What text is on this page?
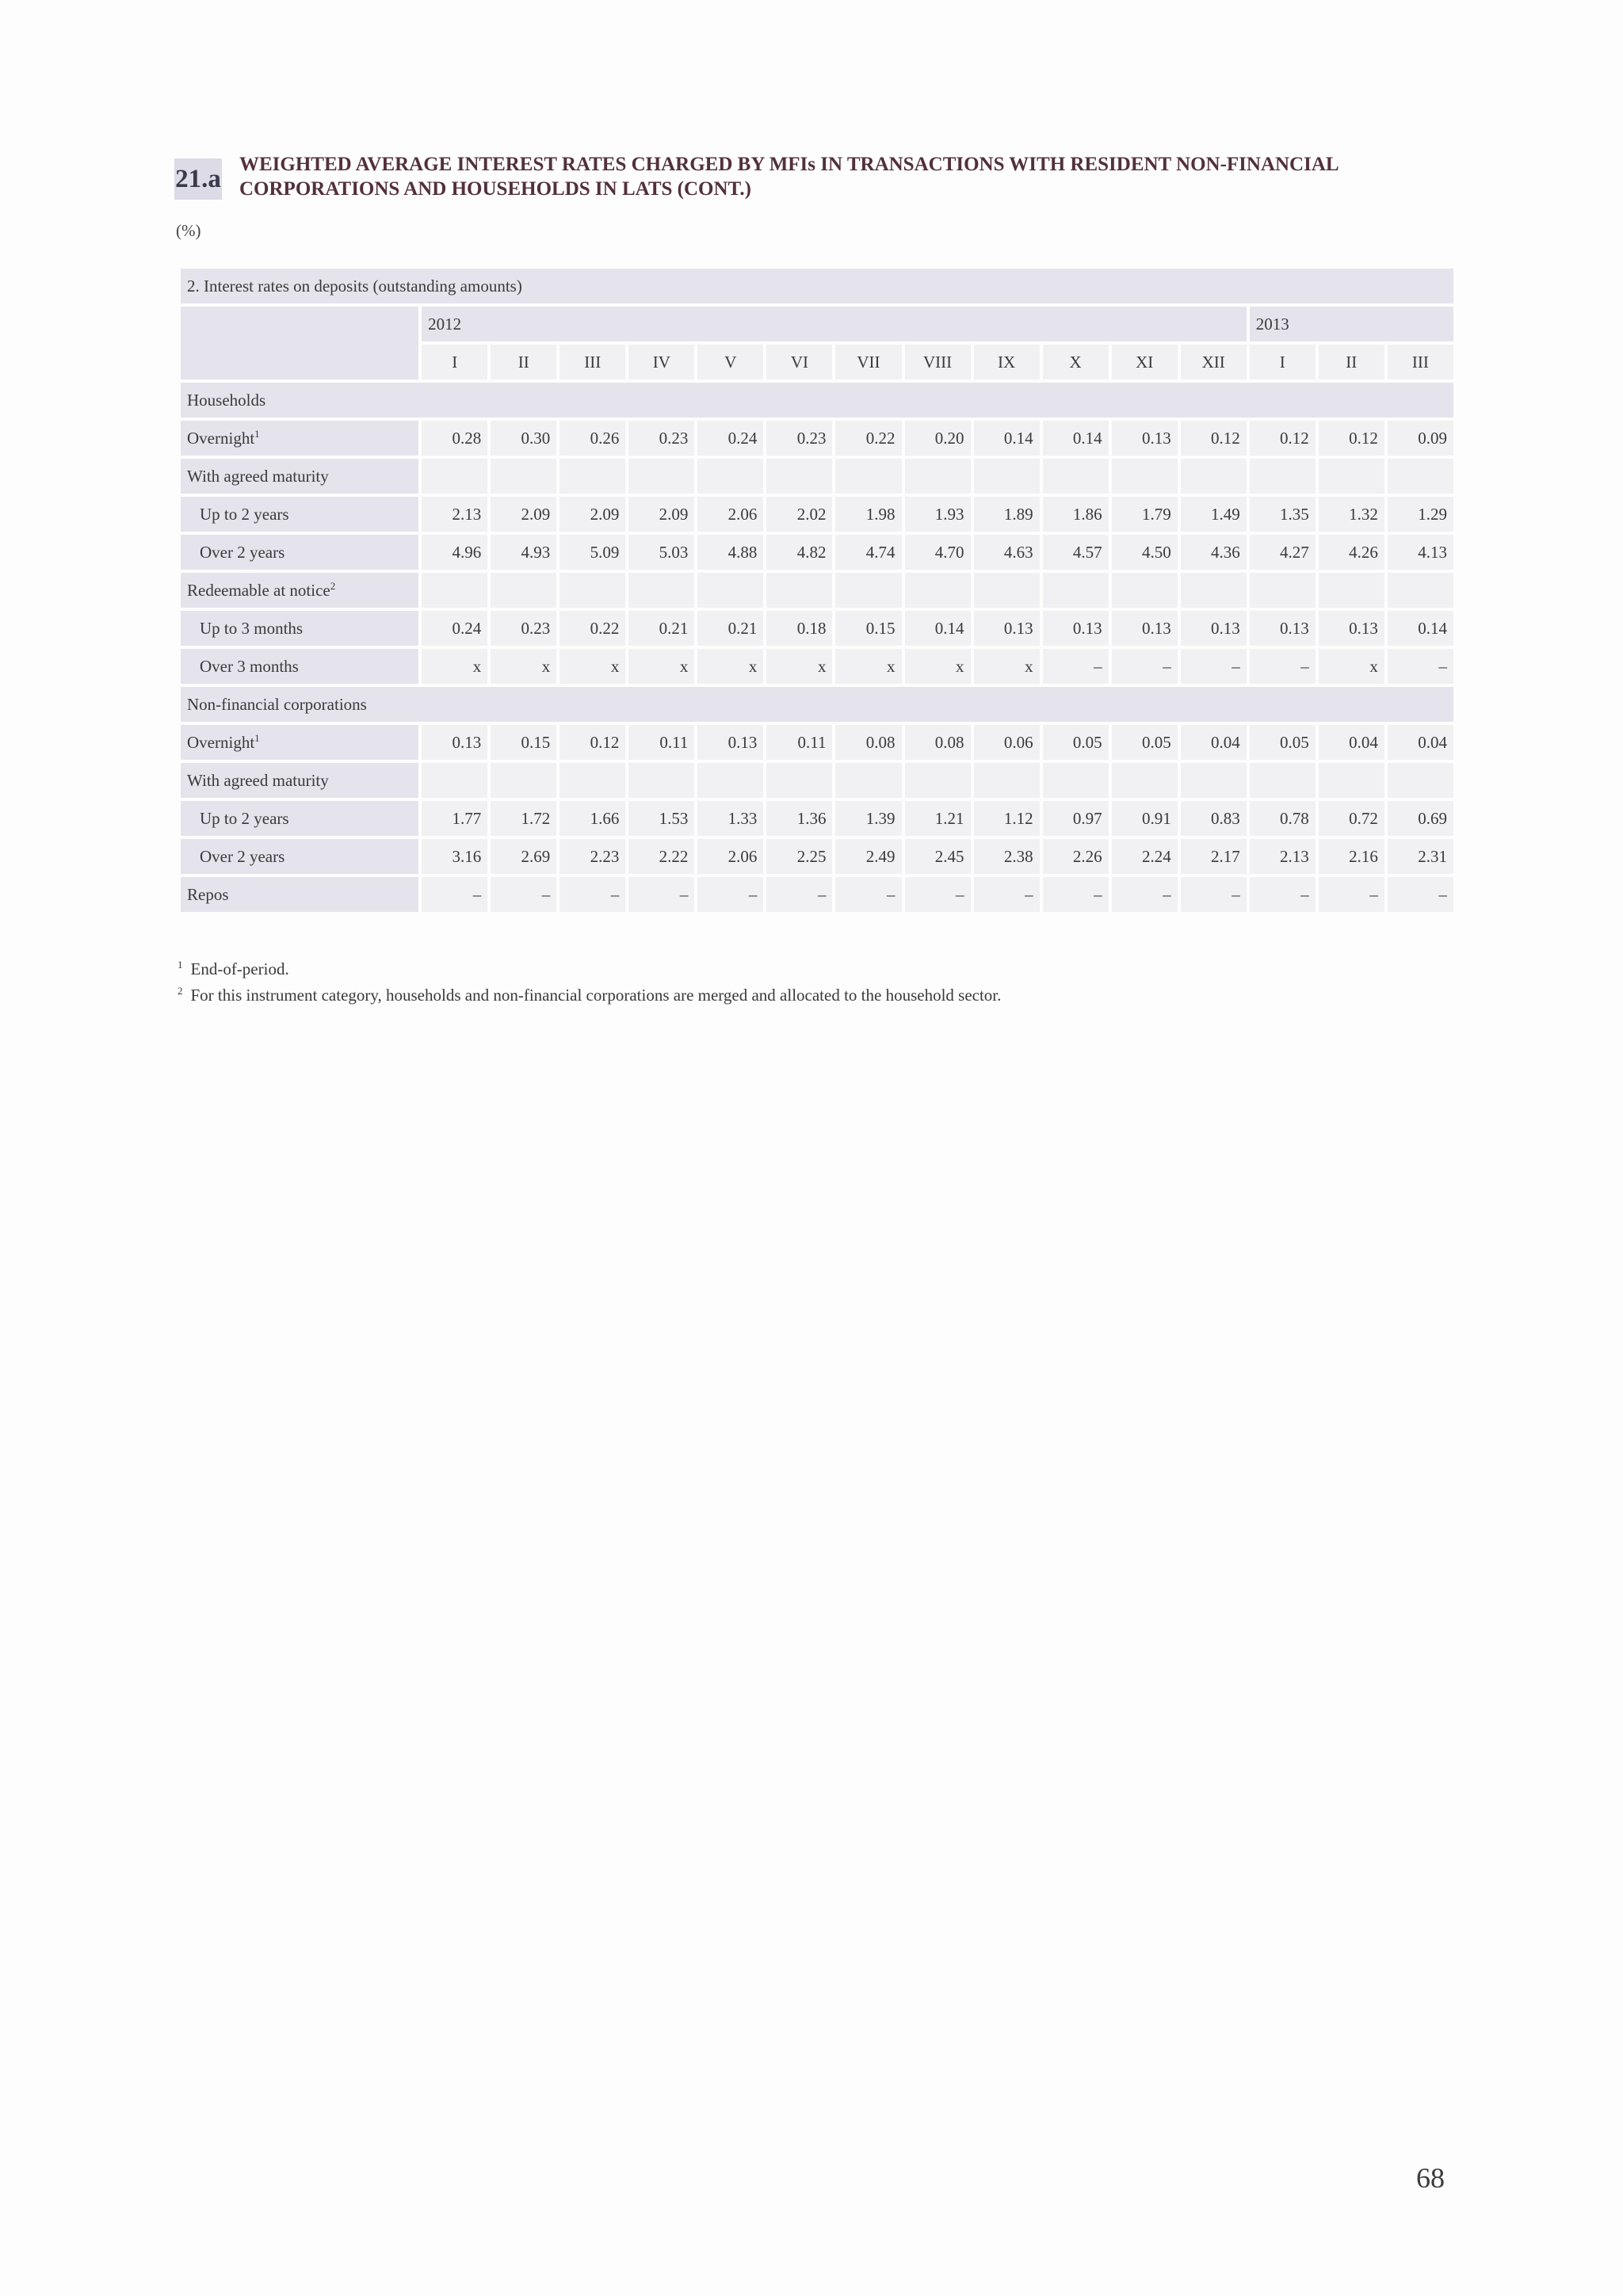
21.a
WEIGHTED AVERAGE INTEREST RATES CHARGED BY MFIs IN TRANSACTIONS WITH RESIDENT NON-FINANCIAL
CORPORATIONS AND HOUSEHOLDS IN LATS (CONT.)
(%)
2. Interest rates on deposits (outstanding amounts)															
	2012												2013		
	I	II	III	IV	V	VI	VII	VIII	IX	X	XI	XII	I	II	III
Households															
Overnight$^1$	0.28	0.30	0.26	0.23	0.24	0.23	0.22	0.20	0.14	0.14	0.13	0.12	0.12	0.12	0.09
With agreed maturity															
Up to 2 years	2.13	2.09	2.09	2.09	2.06	2.02	1.98	1.93	1.89	1.86	1.79	1.49	1.35	1.32	1.29
Over 2 years	4.96	4.93	5.09	5.03	4.88	4.82	4.74	4.70	4.63	4.57	4.50	4.36	4.27	4.26	4.13
Redeemable at notice$^2$															
Up to 3 months	0.24	0.23	0.22	0.21	0.21	0.18	0.15	0.14	0.13	0.13	0.13	0.13	0.13	0.13	0.14
Over 3 months	x	x	x	x	x	x	x	x	x	–	–	–	–	x	–
Non-financial corporations															
Overnight$^1$	0.13	0.15	0.12	0.11	0.13	0.11	0.08	0.08	0.06	0.05	0.05	0.04	0.05	0.04	0.04
With agreed maturity															
Up to 2 years	1.77	1.72	1.66	1.53	1.33	1.36	1.39	1.21	1.12	0.97	0.91	0.83	0.78	0.72	0.69
Over 2 years	3.16	2.69	2.23	2.22	2.06	2.25	2.49	2.45	2.38	2.26	2.24	2.17	2.13	2.16	2.31
Repos	–	–	–	–	–	–	–	–	–	–	–	–	–	–	–
$^1$ End-of-period.
$^2$ For this instrument category, households and non-financial corporations are merged and allocated to the household sector.
68
